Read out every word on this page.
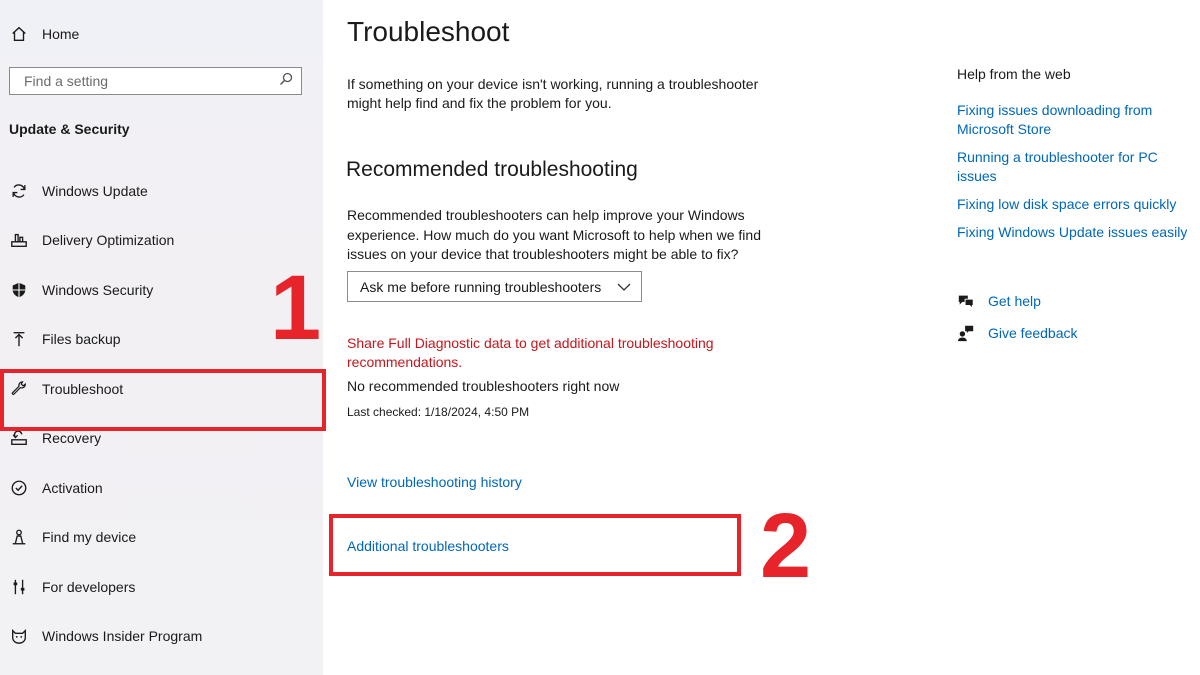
Home
Find a setting
Update & Security
Windows Update
Delivery Optimization
Windows Security
Files backup
Troubleshoot
Recovery
Activation
Find my device
For developers
Windows Insider Program
1
Troubleshoot
If something on your device isn't working, running a troubleshooter might help find and fix the problem for you.
Recommended troubleshooting
Recommended troubleshooters can help improve your Windows experience. How much do you want Microsoft to help when we find issues on your device that troubleshooters might be able to fix?
Ask me before running troubleshooters
Share Full Diagnostic data to get additional troubleshooting recommendations.
No recommended troubleshooters right now
Last checked: 1/18/2024, 4:50 PM
View troubleshooting history
Additional troubleshooters	2
Help from the web
Fixing issues downloading from Microsoft Store
Running a troubleshooter for PC issues
Fixing low disk space errors quickly
Fixing Windows Update issues easily
Get help
Give feedback
